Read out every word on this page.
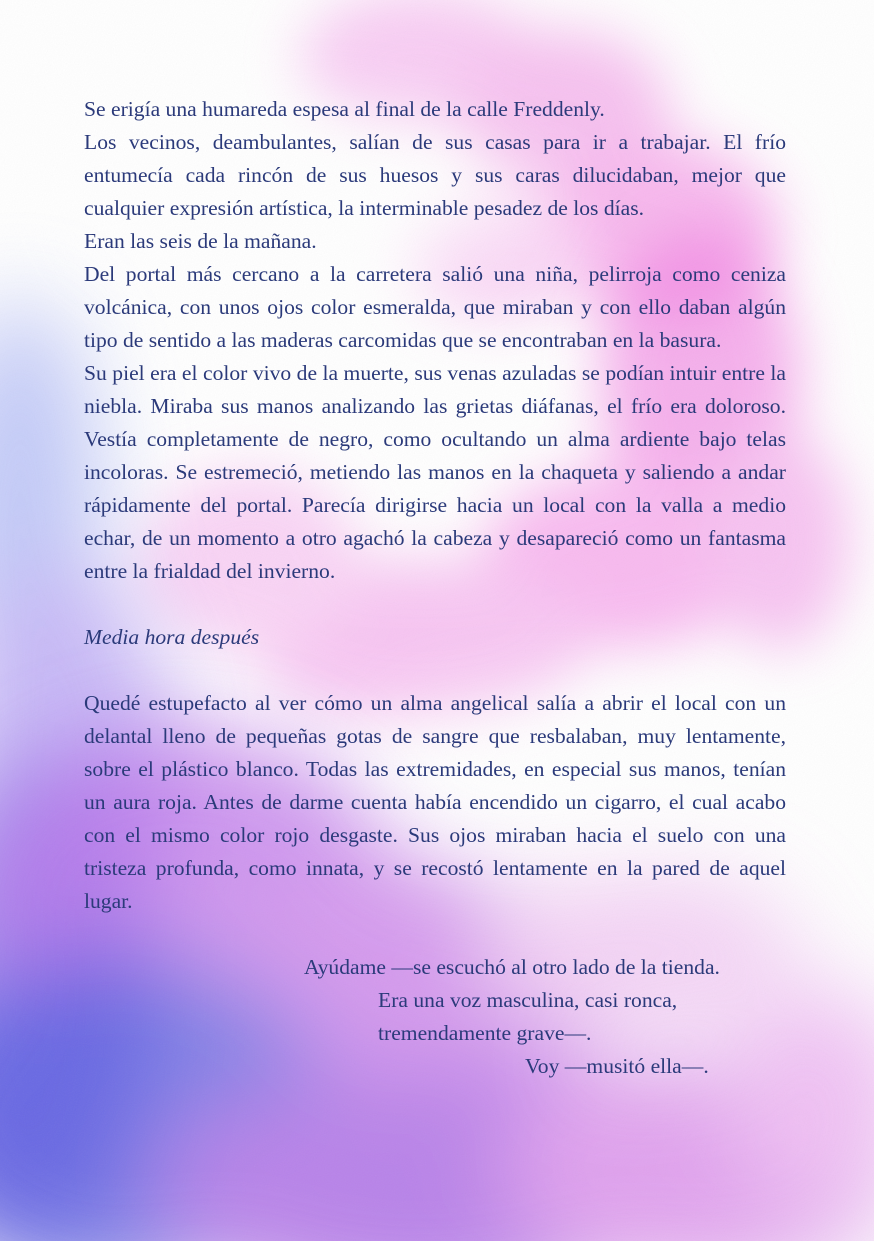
Se erigía una humareda espesa al final de la calle Freddenly.

Los vecinos, deambulantes, salían de sus casas para ir a trabajar. El frío entumecía cada rincón de sus huesos y sus caras dilucidaban, mejor que cualquier expresión artística, la interminable pesadez de los días.

Eran las seis de la mañana.

Del portal más cercano a la carretera salió una niña, pelirroja como ceniza volcánica, con unos ojos color esmeralda, que miraban y con ello daban algún tipo de sentido a las maderas carcomidas que se encontraban en la basura.

Su piel era el color vivo de la muerte, sus venas azuladas se podían intuir entre la niebla. Miraba sus manos analizando las grietas diáfanas, el frío era doloroso. Vestía completamente de negro, como ocultando un alma ardiente bajo telas incoloras. Se estremeció, metiendo las manos en la chaqueta y saliendo a andar rápidamente del portal. Parecía dirigirse hacia un local con la valla a medio echar, de un momento a otro agachó la cabeza y desapareció como un fantasma entre la frialdad del invierno.

Media hora después

Quedé estupefacto al ver cómo un alma angelical salía a abrir el local con un delantal lleno de pequeñas gotas de sangre que resbalaban, muy lentamente, sobre el plástico blanco. Todas las extremidades, en especial sus manos, tenían un aura roja. Antes de darme cuenta había encendido un cigarro, el cual acabo con el mismo color rojo desgaste. Sus ojos miraban hacia el suelo con una tristeza profunda, como innata, y se recostó lentamente en la pared de aquel lugar.

Ayúdame —se escuchó al otro lado de la tienda.

Era una voz masculina, casi ronca,

tremendamente grave—.

Voy —musitó ella—.
